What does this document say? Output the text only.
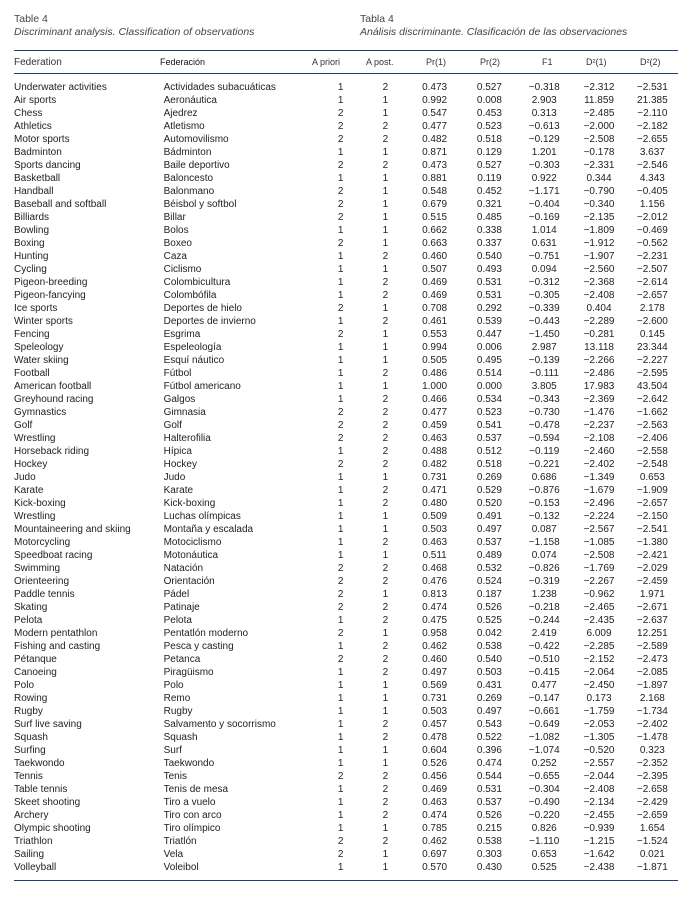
Table 4
Discriminant analysis. Classification of observations
Tabla 4
Análisis discriminante. Clasificación de las observaciones
Federation	Federación	A priori	A post.	Pr(1)	Pr(2)	F1	D²(1)	D²(2)
Underwater activities	Actividades subacuáticas	1	2	0.473	0.527	−0.318	−2.312	−2.531
Air sports	Aeronáutica	1	1	0.992	0.008	2.903	11.859	21.385
Chess	Ajedrez	2	1	0.547	0.453	0.313	−2.485	−2.110
Athletics	Atletismo	2	2	0.477	0.523	−0.613	−2.000	−2.182
Motor sports	Automovilismo	2	2	0.482	0.518	−0.129	−2.508	−2.655
Badminton	Bádminton	1	1	0.871	0.129	1.201	−0.178	3.637
Sports dancing	Baile deportivo	2	2	0.473	0.527	−0.303	−2.331	−2.546
Basketball	Baloncesto	1	1	0.881	0.119	0.922	0.344	4.343
Handball	Balonmano	2	1	0.548	0.452	−1.171	−0.790	−0.405
Baseball and softball	Béisbol y softbol	2	1	0.679	0.321	−0.404	−0.340	1.156
Billiards	Billar	2	1	0.515	0.485	−0.169	−2.135	−2.012
Bowling	Bolos	1	1	0.662	0.338	1.014	−1.809	−0.469
Boxing	Boxeo	2	1	0.663	0.337	0.631	−1.912	−0.562
Hunting	Caza	1	2	0.460	0.540	−0.751	−1.907	−2.231
Cycling	Ciclismo	1	1	0.507	0.493	0.094	−2.560	−2.507
Pigeon-breeding	Colombicultura	1	2	0.469	0.531	−0.312	−2.368	−2.614
Pigeon-fancying	Colombófila	1	2	0.469	0.531	−0.305	−2.408	−2.657
Ice sports	Deportes de hielo	2	1	0.708	0.292	−0.339	0.404	2.178
Winter sports	Deportes de invierno	1	2	0.461	0.539	−0.443	−2.289	−2.600
Fencing	Esgrima	2	1	0.553	0.447	−1.450	−0.281	0.145
Speleology	Espeleología	1	1	0.994	0.006	2.987	13.118	23.344
Water skiing	Esquí náutico	1	1	0.505	0.495	−0.139	−2.266	−2.227
Football	Fútbol	1	2	0.486	0.514	−0.111	−2.486	−2.595
American football	Fútbol americano	1	1	1.000	0.000	3.805	17.983	43.504
Greyhound racing	Galgos	1	2	0.466	0.534	−0.343	−2.369	−2.642
Gymnastics	Gimnasia	2	2	0.477	0.523	−0.730	−1.476	−1.662
Golf	Golf	2	2	0.459	0.541	−0.478	−2.237	−2.563
Wrestling	Halterofilia	2	2	0.463	0.537	−0.594	−2.108	−2.406
Horseback riding	Hípica	1	2	0.488	0.512	−0.119	−2.460	−2.558
Hockey	Hockey	2	2	0.482	0.518	−0.221	−2.402	−2.548
Judo	Judo	1	1	0.731	0.269	0.686	−1.349	0.653
Karate	Karate	1	2	0.471	0.529	−0.876	−1.679	−1.909
Kick-boxing	Kick-boxing	1	2	0.480	0.520	−0.153	−2.496	−2.657
Wrestling	Luchas olímpicas	1	1	0.509	0.491	−0.132	−2.224	−2.150
Mountaineering and skiing	Montaña y escalada	1	1	0.503	0.497	0.087	−2.567	−2.541
Motorcycling	Motociclismo	1	2	0.463	0.537	−1.158	−1.085	−1.380
Speedboat racing	Motonáutica	1	1	0.511	0.489	0.074	−2.508	−2.421
Swimming	Natación	2	2	0.468	0.532	−0.826	−1.769	−2.029
Orienteering	Orientación	2	2	0.476	0.524	−0.319	−2.267	−2.459
Paddle tennis	Pádel	2	1	0.813	0.187	1.238	−0.962	1.971
Skating	Patinaje	2	2	0.474	0.526	−0.218	−2.465	−2.671
Pelota	Pelota	1	2	0.475	0.525	−0.244	−2.435	−2.637
Modern pentathlon	Pentatlón moderno	2	1	0.958	0.042	2.419	6.009	12.251
Fishing and casting	Pesca y casting	1	2	0.462	0.538	−0.422	−2.285	−2.589
Pétanque	Petanca	2	2	0.460	0.540	−0.510	−2.152	−2.473
Canoeing	Piragüismo	1	2	0.497	0.503	−0.415	−2.064	−2.085
Polo	Polo	1	1	0.569	0.431	0.477	−2.450	−1.897
Rowing	Remo	1	1	0.731	0.269	−0.147	0.173	2.168
Rugby	Rugby	1	1	0.503	0.497	−0.661	−1.759	−1.734
Surf live saving	Salvamento y socorrismo	1	2	0.457	0.543	−0.649	−2.053	−2.402
Squash	Squash	1	2	0.478	0.522	−1.082	−1.305	−1.478
Surfing	Surf	1	1	0.604	0.396	−1.074	−0.520	0.323
Taekwondo	Taekwondo	1	1	0.526	0.474	0.252	−2.557	−2.352
Tennis	Tenis	2	2	0.456	0.544	−0.655	−2.044	−2.395
Table tennis	Tenis de mesa	1	2	0.469	0.531	−0.304	−2.408	−2.658
Skeet shooting	Tiro a vuelo	1	2	0.463	0.537	−0.490	−2.134	−2.429
Archery	Tiro con arco	1	2	0.474	0.526	−0.220	−2.455	−2.659
Olympic shooting	Tiro olímpico	1	1	0.785	0.215	0.826	−0.939	1.654
Triathlon	Triatlón	2	2	0.462	0.538	−1.110	−1.215	−1.524
Sailing	Vela	2	1	0.697	0.303	0.653	−1.642	0.021
Volleyball	Voleibol	1	1	0.570	0.430	0.525	−2.438	−1.871
